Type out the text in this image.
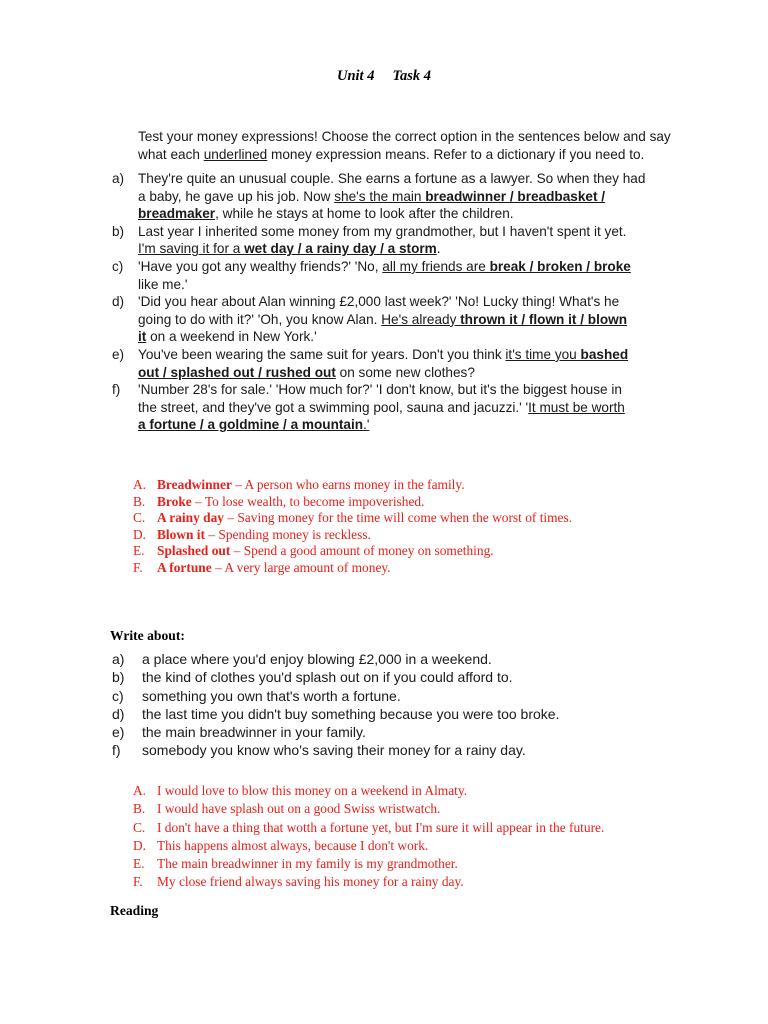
Unit 4 Task 4

Test your money expressions! Choose the correct option in the sentences below and say

what each underlined money expression means. Refer to a dictionary if you need to.

a) They're quite an unusual couple. She earns a fortune as a lawyer. So when they had
a baby, he gave up his job. Now she's the main breadwinner / breadbasket /
breadmaker, while he stays at home to look after the children.
b) Last year I inherited some money from my grandmother, but I haven't spent it yet.
I'm saving it for a wet day / a rainy day / a storm.
c) 'Have you got any wealthy friends?' 'No, all my friends are break / broken / broke
like me.'
d) 'Did you hear about Alan winning £2,000 last week?' 'No! Lucky thing! What's he
going to do with it?' 'Oh, you know Alan. He's already thrown it / flown it / blown
it on a weekend in New York.'
e) You've been wearing the same suit for years. Don't you think it's time you bashed
out / splashed out / rushed out on some new clothes?
f) 'Number 28's for sale.' 'How much for?' 'I don't know, but it's the biggest house in
the street, and they've got a swimming pool, sauna and jacuzzi.' 'It must be worth
a fortune / a goldmine / a mountain.'
A. Breadwinner – A person who earns money in the family.
B. Broke – To lose wealth, to become impoverished.
C. A rainy day – Saving money for the time will come when the worst of times.
D. Blown it – Spending money is reckless.
E. Splashed out – Spend a good amount of money on something.
F. A fortune – A very large amount of money.
Write about:
a) a place where you'd enjoy blowing £2,000 in a weekend.
b) the kind of clothes you'd splash out on if you could afford to.
c) something you own that's worth a fortune.
d) the last time you didn't buy something because you were too broke.
e) the main breadwinner in your family.
f) somebody you know who's saving their money for a rainy day.
A. I would love to blow this money on a weekend in Almaty.
B. I would have splash out on a good Swiss wristwatch.
C. I don't have a thing that wotth a fortune yet, but I'm sure it will appear in the future.
D. This happens almost always, because I don't work.
E. The main breadwinner in my family is my grandmother.
F. My close friend always saving his money for a rainy day.
Reading
